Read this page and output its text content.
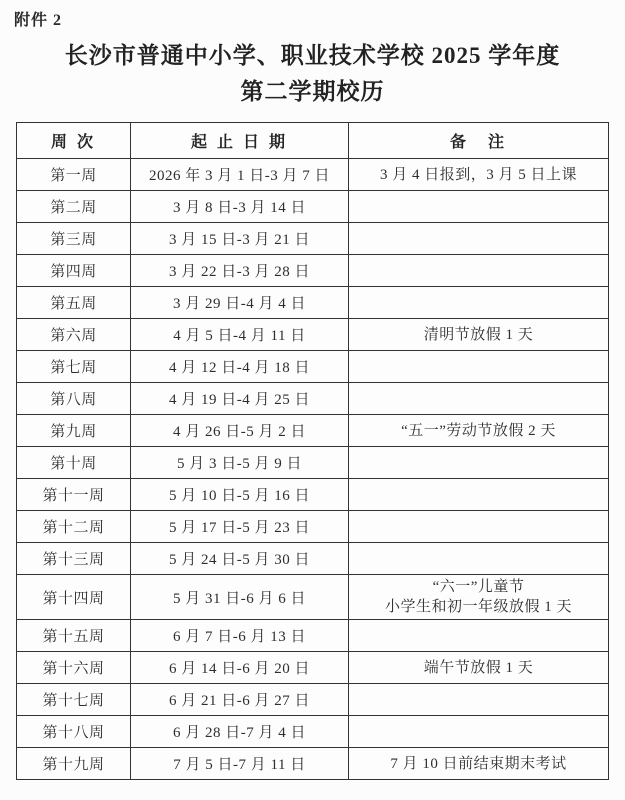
附件 2
长沙市普通中小学、职业技术学校 2025 学年度
第二学期校历
周 次	起 止 日 期	备　注
第一周	2026 年 3 月 1 日-3 月 7 日	3 月 4 日报到，3 月 5 日上课
第二周	3 月 8 日-3 月 14 日	
第三周	3 月 15 日-3 月 21 日	
第四周	3 月 22 日-3 月 28 日	
第五周	3 月 29 日-4 月 4 日	
第六周	4 月 5 日-4 月 11 日	清明节放假 1 天
第七周	4 月 12 日-4 月 18 日	
第八周	4 月 19 日-4 月 25 日	
第九周	4 月 26 日-5 月 2 日	“五一”劳动节放假 2 天
第十周	5 月 3 日-5 月 9 日	
第十一周	5 月 10 日-5 月 16 日	
第十二周	5 月 17 日-5 月 23 日	
第十三周	5 月 24 日-5 月 30 日	
第十四周	5 月 31 日-6 月 6 日	“六一”儿童节
小学生和初一年级放假 1 天
第十五周	6 月 7 日-6 月 13 日	
第十六周	6 月 14 日-6 月 20 日	端午节放假 1 天
第十七周	6 月 21 日-6 月 27 日	
第十八周	6 月 28 日-7 月 4 日	
第十九周	7 月 5 日-7 月 11 日	7 月 10 日前结束期末考试
